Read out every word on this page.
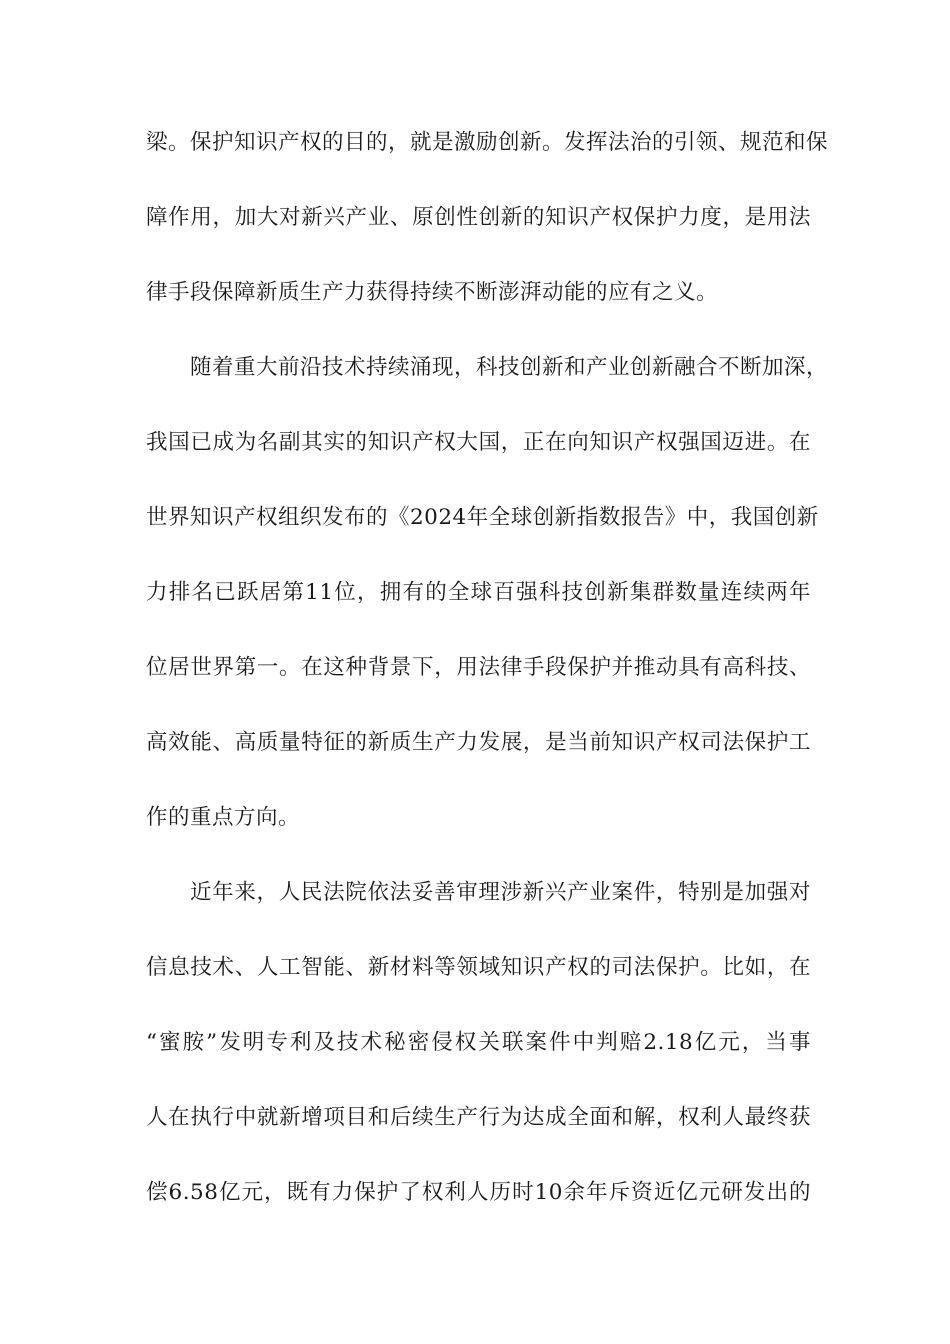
梁。保护知识产权的目的，就是激励创新。发挥法治的引领、规范和保
障作用，加大对新兴产业、原创性创新的知识产权保护力度，是用法
律手段保障新质生产力获得持续不断澎湃动能的应有之义。
随着重大前沿技术持续涌现，科技创新和产业创新融合不断加深，
我国已成为名副其实的知识产权大国，正在向知识产权强国迈进。在
世界知识产权组织发布的《2024年全球创新指数报告》中，我国创新
力排名已跃居第11位，拥有的全球百强科技创新集群数量连续两年
位居世界第一。在这种背景下，用法律手段保护并推动具有高科技、
高效能、高质量特征的新质生产力发展，是当前知识产权司法保护工
作的重点方向。
近年来，人民法院依法妥善审理涉新兴产业案件，特别是加强对
信息技术、人工智能、新材料等领域知识产权的司法保护。比如，在
“蜜胺”发明专利及技术秘密侵权关联案件中判赔2.18亿元，当事
人在执行中就新增项目和后续生产行为达成全面和解，权利人最终获
偿6.58亿元，既有力保护了权利人历时10余年斥资近亿元研发出的
